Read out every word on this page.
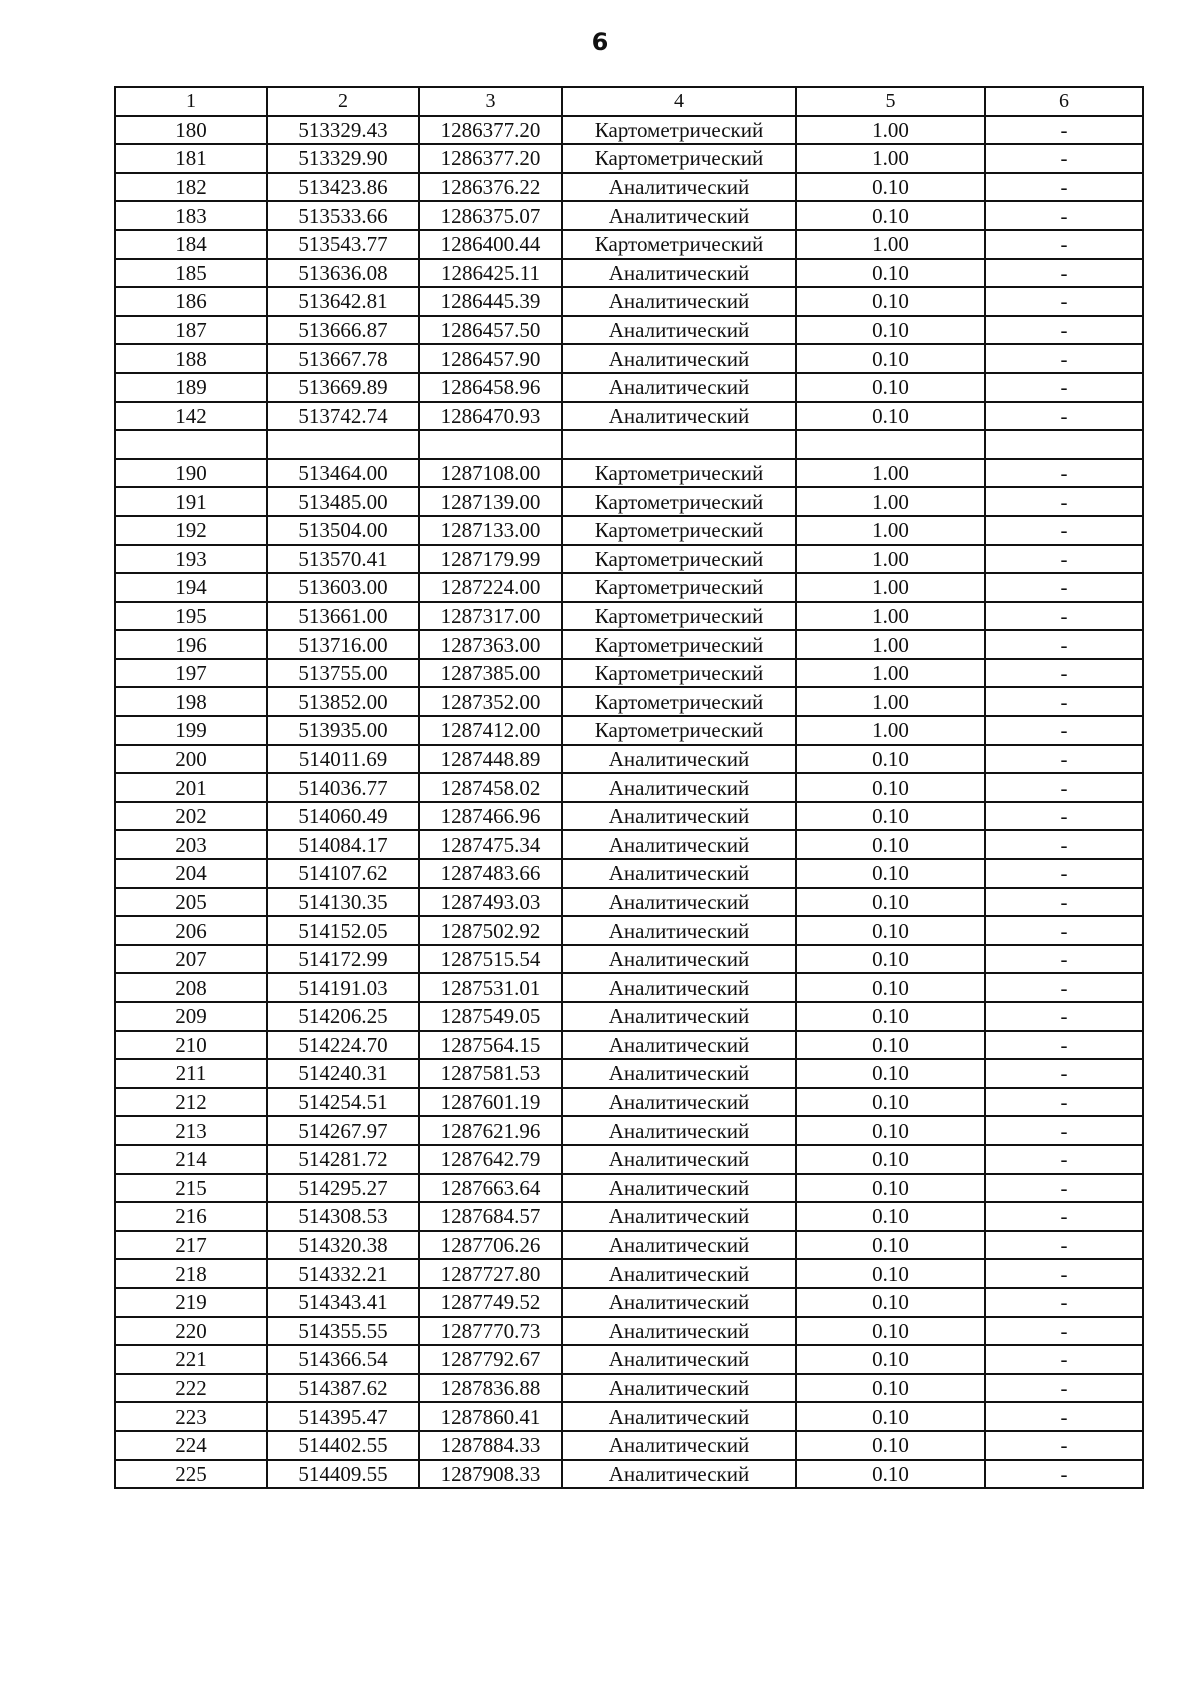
6
1	2	3	4	5	6
180	513329.43	1286377.20	Картометрический	1.00	-
181	513329.90	1286377.20	Картометрический	1.00	-
182	513423.86	1286376.22	Аналитический	0.10	-
183	513533.66	1286375.07	Аналитический	0.10	-
184	513543.77	1286400.44	Картометрический	1.00	-
185	513636.08	1286425.11	Аналитический	0.10	-
186	513642.81	1286445.39	Аналитический	0.10	-
187	513666.87	1286457.50	Аналитический	0.10	-
188	513667.78	1286457.90	Аналитический	0.10	-
189	513669.89	1286458.96	Аналитический	0.10	-
142	513742.74	1286470.93	Аналитический	0.10	-

190	513464.00	1287108.00	Картометрический	1.00	-
191	513485.00	1287139.00	Картометрический	1.00	-
192	513504.00	1287133.00	Картометрический	1.00	-
193	513570.41	1287179.99	Картометрический	1.00	-
194	513603.00	1287224.00	Картометрический	1.00	-
195	513661.00	1287317.00	Картометрический	1.00	-
196	513716.00	1287363.00	Картометрический	1.00	-
197	513755.00	1287385.00	Картометрический	1.00	-
198	513852.00	1287352.00	Картометрический	1.00	-
199	513935.00	1287412.00	Картометрический	1.00	-
200	514011.69	1287448.89	Аналитический	0.10	-
201	514036.77	1287458.02	Аналитический	0.10	-
202	514060.49	1287466.96	Аналитический	0.10	-
203	514084.17	1287475.34	Аналитический	0.10	-
204	514107.62	1287483.66	Аналитический	0.10	-
205	514130.35	1287493.03	Аналитический	0.10	-
206	514152.05	1287502.92	Аналитический	0.10	-
207	514172.99	1287515.54	Аналитический	0.10	-
208	514191.03	1287531.01	Аналитический	0.10	-
209	514206.25	1287549.05	Аналитический	0.10	-
210	514224.70	1287564.15	Аналитический	0.10	-
211	514240.31	1287581.53	Аналитический	0.10	-
212	514254.51	1287601.19	Аналитический	0.10	-
213	514267.97	1287621.96	Аналитический	0.10	-
214	514281.72	1287642.79	Аналитический	0.10	-
215	514295.27	1287663.64	Аналитический	0.10	-
216	514308.53	1287684.57	Аналитический	0.10	-
217	514320.38	1287706.26	Аналитический	0.10	-
218	514332.21	1287727.80	Аналитический	0.10	-
219	514343.41	1287749.52	Аналитический	0.10	-
220	514355.55	1287770.73	Аналитический	0.10	-
221	514366.54	1287792.67	Аналитический	0.10	-
222	514387.62	1287836.88	Аналитический	0.10	-
223	514395.47	1287860.41	Аналитический	0.10	-
224	514402.55	1287884.33	Аналитический	0.10	-
225	514409.55	1287908.33	Аналитический	0.10	-
